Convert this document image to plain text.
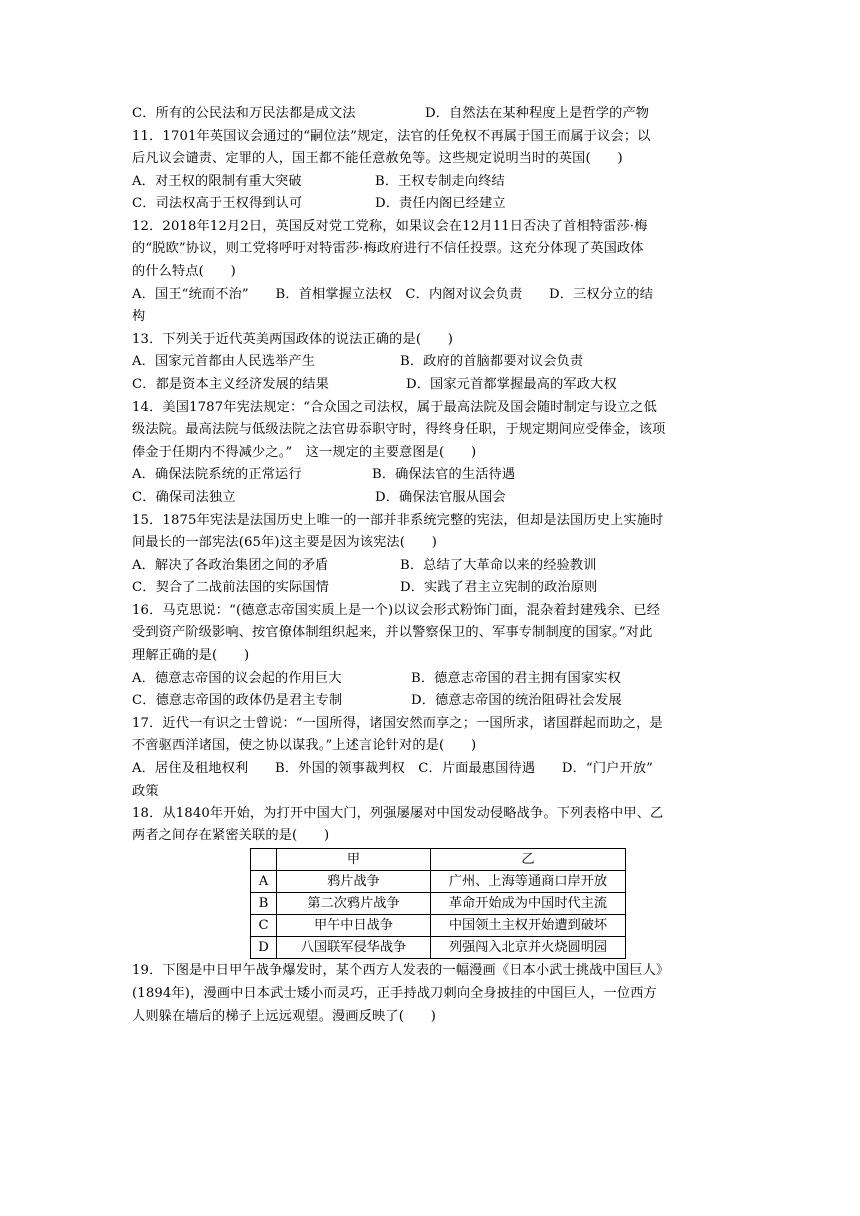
C．所有的公民法和万民法都是成文法	D．自然法在某种程度上是哲学的产物
11．1701年英国议会通过的“嗣位法”规定，法官的任免权不再属于国王而属于议会；以
后凡议会谴责、定罪的人，国王都不能任意赦免等。这些规定说明当时的英国(　　)
A．对王权的限制有重大突破	B．王权专制走向终结
C．司法权高于王权得到认可	D．责任内阁已经建立
12．2018年12月2日，英国反对党工党称，如果议会在12月11日否决了首相特雷莎·梅
的“脱欧”协议，则工党将呼吁对特雷莎·梅政府进行不信任投票。这充分体现了英国政体
的什么特点(　　)
A．国王“统而不治”　　B．首相掌握立法权　C．内阁对议会负责　　D．三权分立的结
构
13．下列关于近代英美两国政体的说法正确的是(　　)
A．国家元首都由人民选举产生	B．政府的首脑都要对议会负责
C．都是资本主义经济发展的结果	D．国家元首都掌握最高的军政大权
14．美国1787年宪法规定：“合众国之司法权，属于最高法院及国会随时制定与设立之低
级法院。最高法院与低级法院之法官毋忝职守时，得终身任职，于规定期间应受俸金，该项
俸金于任期内不得减少之。”　这一规定的主要意图是(　　)
A．确保法院系统的正常运行	B．确保法官的生活待遇
C．确保司法独立	D．确保法官服从国会
15．1875年宪法是法国历史上唯一的一部并非系统完整的宪法，但却是法国历史上实施时
间最长的一部宪法(65年)这主要是因为该宪法(　　)
A．解决了各政治集团之间的矛盾	B．总结了大革命以来的经验教训
C．契合了二战前法国的实际国情	D．实践了君主立宪制的政治原则
16．马克思说：“(德意志帝国实质上是一个)以议会形式粉饰门面，混杂着封建残余、已经
受到资产阶级影响、按官僚体制组织起来，并以警察保卫的、军事专制制度的国家。”对此
理解正确的是(　　)
A．德意志帝国的议会起的作用巨大	B．德意志帝国的君主拥有国家实权
C．德意志帝国的政体仍是君主专制	D．德意志帝国的统治阻碍社会发展
17．近代一有识之士曾说：“一国所得，诸国安然而享之；一国所求，诸国群起而助之，是
不啻驱西洋诸国，使之协以谋我。”上述言论针对的是(　　)
A．居住及租地权利　　B．外国的领事裁判权　C．片面最惠国待遇　　D．“门户开放”
政策
18．从1840年开始，为打开中国大门，列强屡屡对中国发动侵略战争。下列表格中甲、乙
两者之间存在紧密关联的是(　　)
	甲	乙
A	鸦片战争	广州、上海等通商口岸开放
B	第二次鸦片战争	革命开始成为中国时代主流
C	甲午中日战争	中国领土主权开始遭到破坏
D	八国联军侵华战争	列强闯入北京并火烧圆明园
19．下图是中日甲午战争爆发时，某个西方人发表的一幅漫画《日本小武士挑战中国巨人》
(1894年)，漫画中日本武士矮小而灵巧，正手持战刀刺向全身披挂的中国巨人，一位西方
人则躲在墙后的梯子上远远观望。漫画反映了(　　)
